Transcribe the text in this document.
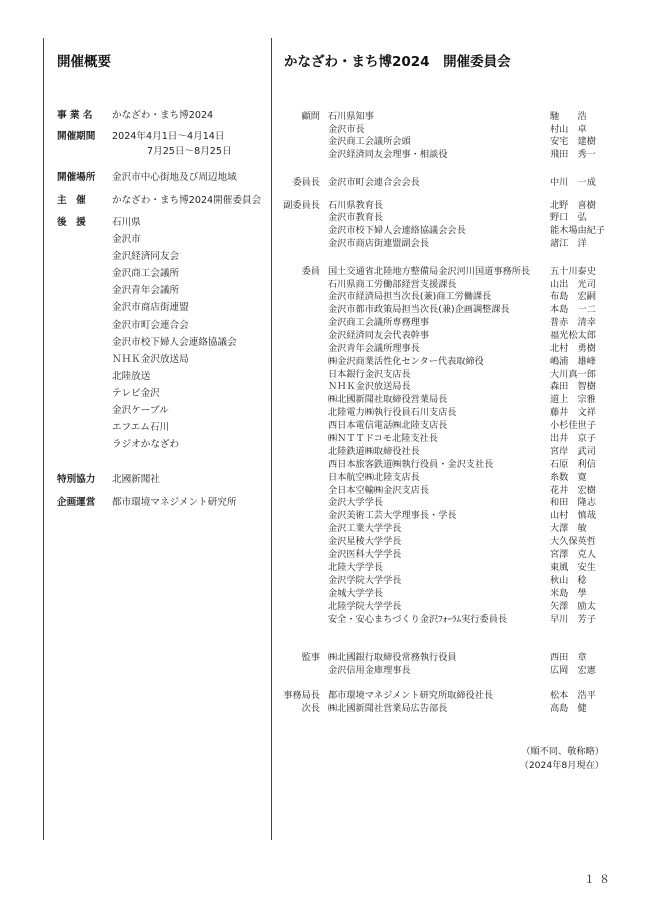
開催概要
事 業 名 かなざわ・まち博2024
開催期間 2024年4月1日～4月14日
7月25日～8月25日
開催場所 金沢市中心街地及び周辺地域
主　催	かなざわ・まち博2024開催委員会
後　援	石川県
金沢市
金沢経済同友会
金沢商工会議所
金沢青年会議所
金沢市商店街連盟
金沢市町会連合会
金沢市校下婦人会連絡協議会
ＮＨＫ金沢放送局
北陸放送
テレビ金沢
金沢ケーブル
エフエム石川
ラジオかなざわ
特別協力 北國新聞社
企画運営 都市環境マネジメント研究所
かなざわ・まち博2024　開催委員会
顧問 石川県知事	馳　　浩
金沢市長	村山　卓
金沢商工会議所会頭	安宅　建樹
金沢経済同友会理事・相談役	飛田　秀一
委員長 金沢市町会連合会会長	中川　一成
副委員長 石川県教育長	北野　喜樹
金沢市教育長	野口　弘
金沢市校下婦人会連絡協議会会長	能木場由紀子
金沢市商店街連盟副会長	諸江　洋
委員 国土交通省北陸地方整備局金沢河川国道事務所長 五十川泰史
石川県商工労働部経営支援課長	山出　光司
金沢市経済局担当次長(兼)商工労働課長	布島　宏嗣
金沢市都市政策局担当次長(兼)企画調整課長	本島　一二
金沢商工会議所専務理事	普赤　清幸
金沢経済同友会代表幹事	福光松太郎
金沢青年会議所理事長	北村　勇樹
㈱金沢商業活性化センター代表取締役	嶋浦　雄峰
日本銀行金沢支店長	大川真一郎
ＮＨＫ金沢放送局長	森田　智樹
㈱北國新聞社取締役営業局長	道上　宗雅
北陸電力㈱執行役員石川支店長	藤井　文祥
西日本電信電話㈱北陸支店長	小杉佳世子
㈱ＮＴＴドコモ北陸支社長	出井　京子
北陸鉄道㈱取締役社長	宮岸　武司
西日本旅客鉄道㈱執行役員・金沢支社長	石原　利信
日本航空㈱北陸支店長	糸数　寛
全日本空輸㈱金沢支店長	花井　宏樹
金沢大学学長	和田　隆志
金沢美術工芸大学理事長・学長	山村　慎哉
金沢工業大学学長	大澤　敏
金沢星稜大学学長	大久保英哲
金沢医科大学学長	宮澤　克人
北陸大学学長	東風　安生
金沢学院大学学長	秋山　稔
金城大学学長	米島　學
北陸学院大学学長	矢澤　励太
安全・安心まちづくり金沢ﾌｫｰﾗﾑ実行委員長	早川　芳子
監事 ㈱北國銀行取締役常務執行役員	西田　章
金沢信用金庫理事長	広岡　宏憲
事務局長 都市環境マネジメント研究所取締役社長	松本　浩平
次長 ㈱北國新聞社営業局広告部長	高島　健
（順不同、敬称略）
（2024年8月現在）
１８
